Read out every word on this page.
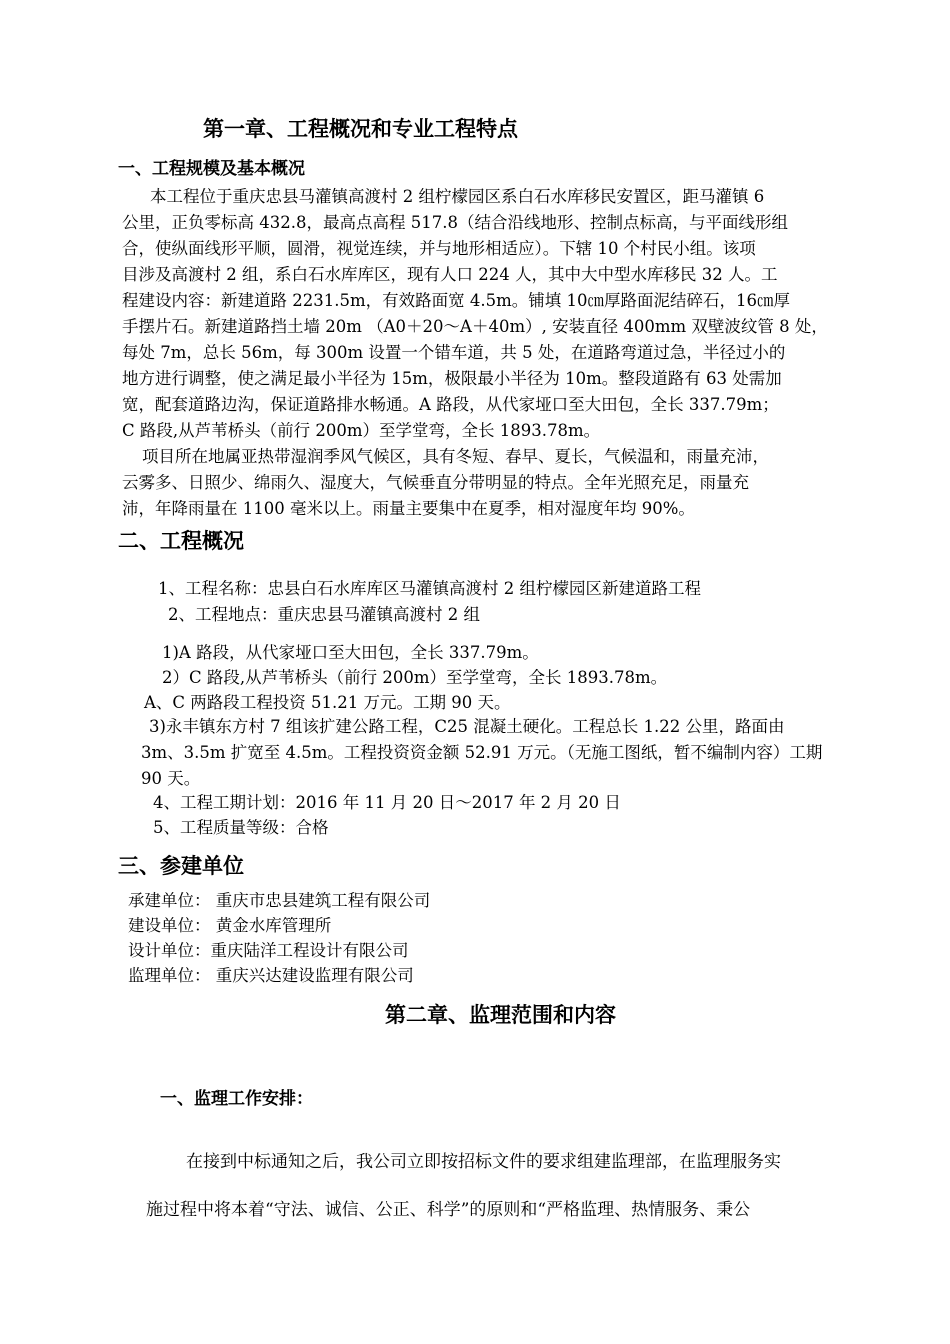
第一章、工程概况和专业工程特点
一、工程规模及基本概况
本工程位于重庆忠县马灌镇高渡村 2 组柠檬园区系白石水库移民安置区，距马灌镇 6
公里，正负零标高 432.8，最高点高程 517.8（结合沿线地形、控制点标高，与平面线形组
合，使纵面线形平顺，圆滑，视觉连续，并与地形相适应）。下辖 10 个村民小组。该项
目涉及高渡村 2 组，系白石水库库区，现有人口 224 人，其中大中型水库移民 32 人。工
程建设内容：新建道路 2231.5m，有效路面宽 4.5m。铺填 10㎝厚路面泥结碎石，16㎝厚
手摆片石。新建道路挡土墙 20m （A0＋20～A＋40m）, 安装直径 400mm 双壁波纹管 8 处，
每处 7m，总长 56m，每 300m 设置一个错车道，共 5 处，在道路弯道过急，半径过小的
地方进行调整，使之满足最小半径为 15m，极限最小半径为 10m。整段道路有 63 处需加
宽，配套道路边沟，保证道路排水畅通。A 路段，从代家垭口至大田包，全长 337.79m；
C 路段,从芦苇桥头（前行 200m）至学堂弯，全长 1893.78m。
项目所在地属亚热带湿润季风气候区，具有冬短、春早、夏长，气候温和，雨量充沛，
云雾多、日照少、绵雨久、湿度大，气候垂直分带明显的特点。全年光照充足，雨量充
沛，年降雨量在 1100 毫米以上。雨量主要集中在夏季，相对湿度年均 90%。
二、工程概况
1、工程名称：忠县白石水库库区马灌镇高渡村 2 组柠檬园区新建道路工程
2、工程地点：重庆忠县马灌镇高渡村 2 组
1)A 路段，从代家垭口至大田包，全长 337.79m。
2）C 路段,从芦苇桥头（前行 200m）至学堂弯，全长 1893.78m。
A、C 两路段工程投资 51.21 万元。工期 90 天。
3)永丰镇东方村 7 组该扩建公路工程，C25 混凝土硬化。工程总长 1.22 公里，路面由
3m、3.5m 扩宽至 4.5m。工程投资资金额 52.91 万元。（无施工图纸，暂不编制内容）工期
90 天。
4、工程工期计划：2016 年 11 月 20 日～2017 年 2 月 20 日
5、工程质量等级：合格
三、参建单位
承建单位： 重庆市忠县建筑工程有限公司
建设单位： 黄金水库管理所
设计单位：重庆陆洋工程设计有限公司
监理单位： 重庆兴达建设监理有限公司
第二章、监理范围和内容
一、监理工作安排：
在接到中标通知之后，我公司立即按招标文件的要求组建监理部，在监理服务实
施过程中将本着“守法、诚信、公正、科学”的原则和“严格监理、热情服务、秉公
